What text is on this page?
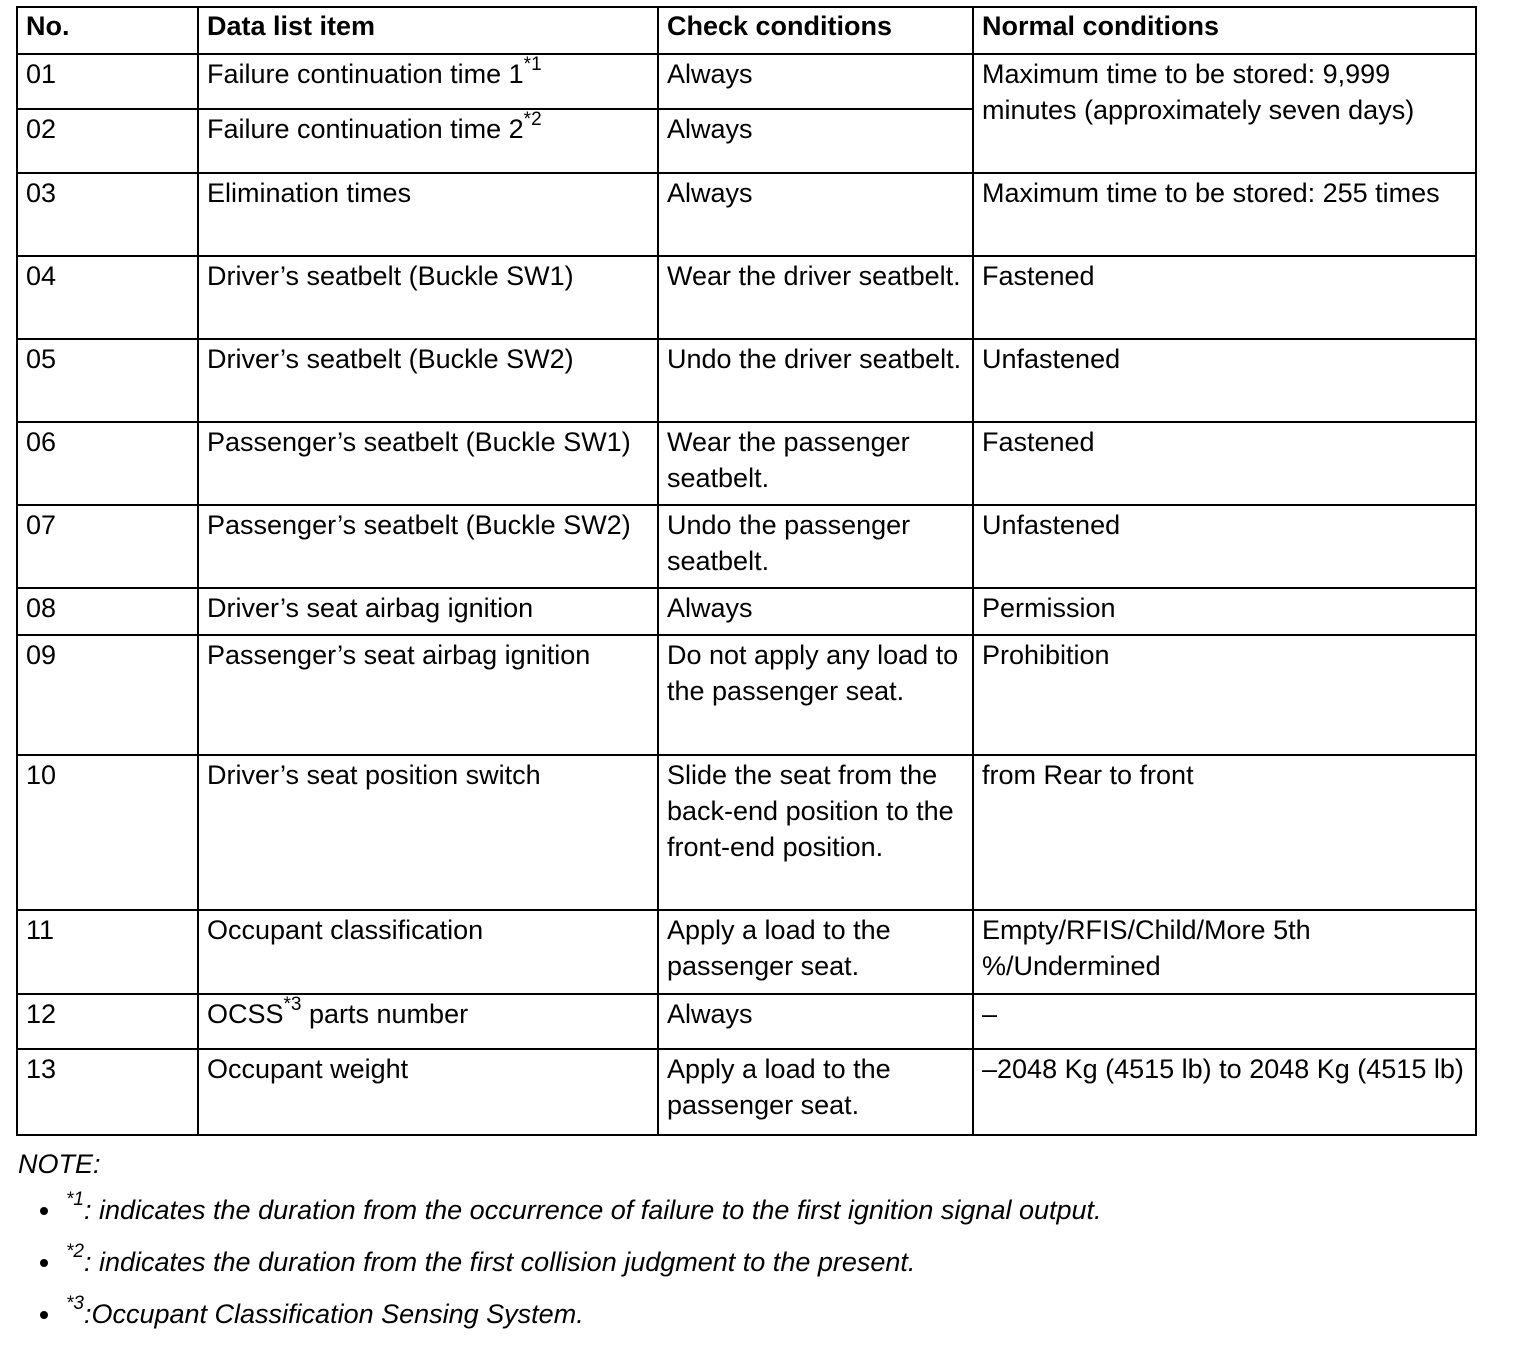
No.	Data list item	Check conditions	Normal conditions
01	Failure continuation time 1$^{*1}$	Always	Maximum time to be stored: 9,999 minutes (approximately seven days)
02	Failure continuation time 2$^{*2}$	Always	
03	Elimination times	Always	Maximum time to be stored: 255 times
04	Driver’s seatbelt (Buckle SW1)	Wear the driver seatbelt.	Fastened
05	Driver’s seatbelt (Buckle SW2)	Undo the driver seatbelt.	Unfastened
06	Passenger’s seatbelt (Buckle SW1)	Wear the passenger seatbelt.	Fastened
07	Passenger’s seatbelt (Buckle SW2)	Undo the passenger seatbelt.	Unfastened
08	Driver’s seat airbag ignition	Always	Permission
09	Passenger’s seat airbag ignition	Do not apply any load to the passenger seat.	Prohibition
10	Driver’s seat position switch	Slide the seat from the back-end position to the front-end position.	from Rear to front
11	Occupant classification	Apply a load to the passenger seat.	Empty/RFIS/Child/More 5th %/Undermined
12	OCSS$^{*3}$ parts number	Always	–
13	Occupant weight	Apply a load to the passenger seat.	–2048 Kg (4515 lb) to 2048 Kg (4515 lb)
NOTE:
$^{*1}$: indicates the duration from the occurrence of failure to the first ignition signal output.
$^{*2}$: indicates the duration from the first collision judgment to the present.
$^{*3}$:Occupant Classification Sensing System.
